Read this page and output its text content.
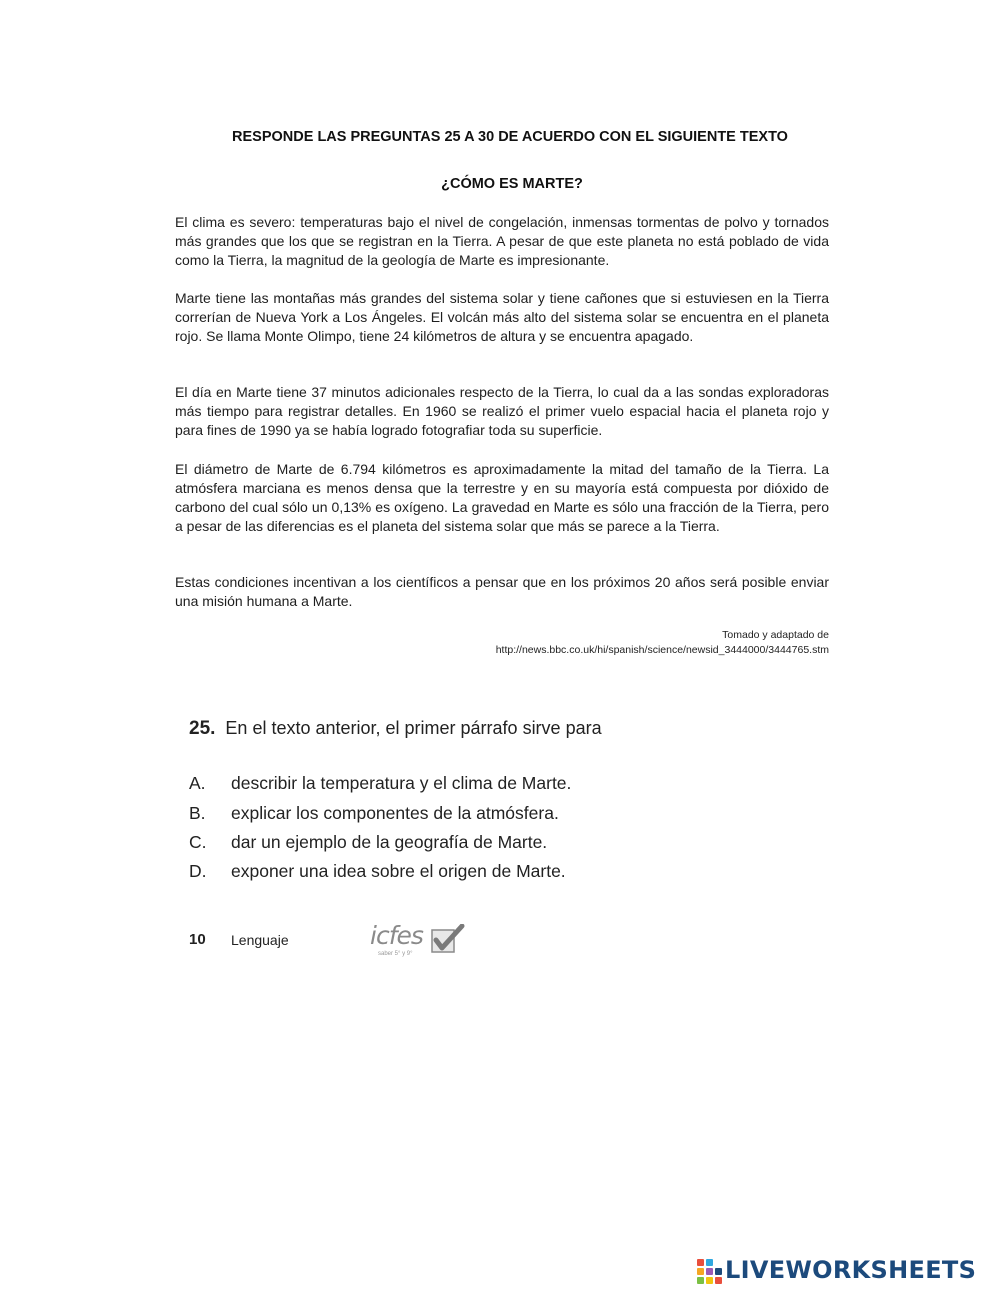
RESPONDE LAS PREGUNTAS 25 A 30 DE ACUERDO CON EL SIGUIENTE TEXTO
¿CÓMO ES MARTE?

El clima es severo: temperaturas bajo el nivel de congelación, inmensas tormentas de polvo y tornados más grandes que los que se registran en la Tierra. A pesar de que este planeta no está poblado de vida como la Tierra, la magnitud de la geología de Marte es impresionante.

Marte tiene las montañas más grandes del sistema solar y tiene cañones que si estuviesen en la Tierra correrían de Nueva York a Los Ángeles. El volcán más alto del sistema solar se encuentra en el planeta rojo. Se llama Monte Olimpo, tiene 24 kilómetros de altura y se encuentra apagado.

El día en Marte tiene 37 minutos adicionales respecto de la Tierra, lo cual da a las sondas exploradoras más tiempo para registrar detalles. En 1960 se realizó el primer vuelo espacial hacia el planeta rojo y para fines de 1990 ya se había logrado fotografiar toda su superficie.

El diámetro de Marte de 6.794 kilómetros es aproximadamente la mitad del tamaño de la Tierra. La atmósfera marciana es menos densa que la terrestre y en su mayoría está compuesta por dióxido de carbono del cual sólo un 0,13% es oxígeno. La gravedad en Marte es sólo una fracción de la Tierra, pero a pesar de las diferencias es el planeta del sistema solar que más se parece a la Tierra.

Estas condiciones incentivan a los científicos a pensar que en los próximos 20 años será posible enviar una misión humana a Marte.

Tomado y adaptado de
http://news.bbc.co.uk/hi/spanish/science/newsid_3444000/3444765.stm
25. En el texto anterior, el primer párrafo sirve para
A. describir la temperatura y el clima de Marte.
B. explicar los componentes de la atmósfera.
C. dar un ejemplo de la geografía de Marte.
D. exponer una idea sobre el origen de Marte.
10 Lenguaje	icfes
saber 5° y 9°
LIVEWORKSHEETS
